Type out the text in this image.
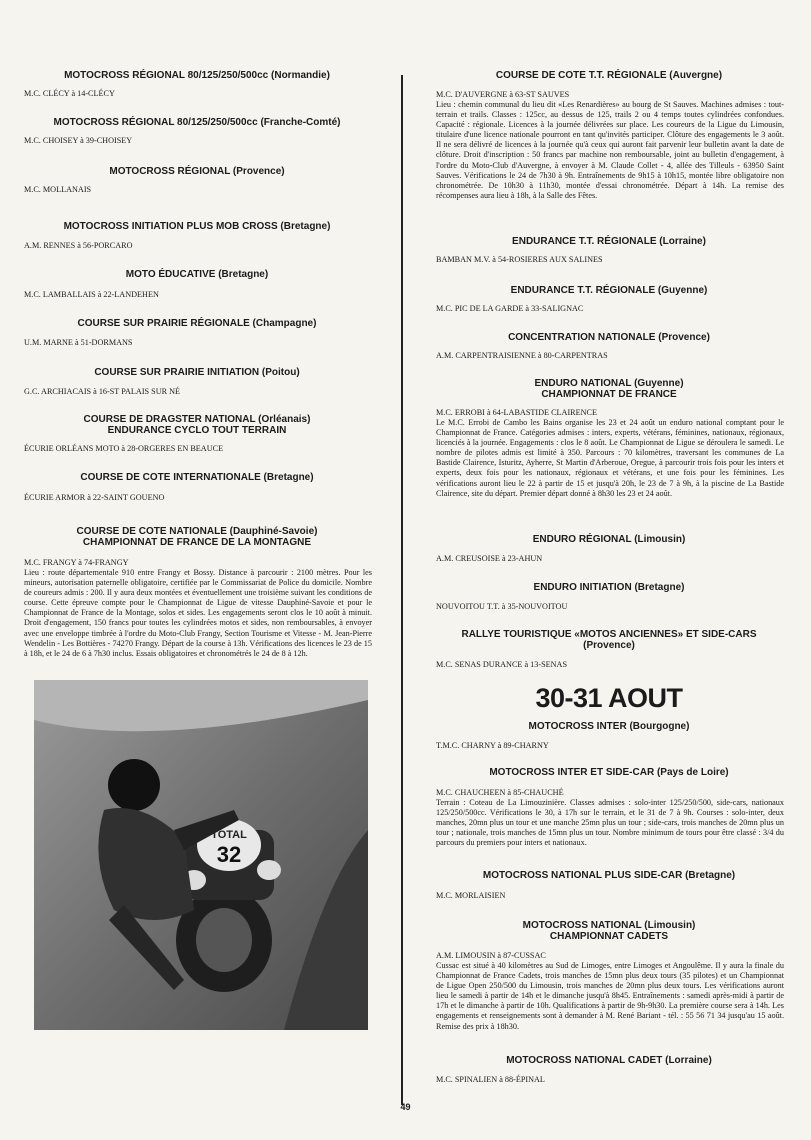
MOTOCROSS RÉGIONAL 80/125/250/500cc (Normandie)
M.C. CLÉCY à 14-CLÉCY
MOTOCROSS RÉGIONAL 80/125/250/500cc (Franche-Comté)
M.C. CHOISEY à 39-CHOISEY
MOTOCROSS RÉGIONAL (Provence)
M.C. MOLLANAIS
MOTOCROSS INITIATION PLUS MOB CROSS (Bretagne)
A.M. RENNES à 56-PORCARO
MOTO ÉDUCATIVE (Bretagne)
M.C. LAMBALLAIS à 22-LANDEHEN
COURSE SUR PRAIRIE RÉGIONALE (Champagne)
U.M. MARNE à 51-DORMANS
COURSE SUR PRAIRIE INITIATION (Poitou)
G.C. ARCHIACAIS à 16-ST PALAIS SUR NÉ
COURSE DE DRAGSTER NATIONAL (Orléanais)
ENDURANCE CYCLO TOUT TERRAIN
ÉCURIE ORLÉANS MOTO à 28-ORGERES EN BEAUCE
COURSE DE COTE INTERNATIONALE (Bretagne)
ÉCURIE ARMOR à 22-SAINT GOUENO
COURSE DE COTE NATIONALE (Dauphiné-Savoie)
CHAMPIONNAT DE FRANCE DE LA MONTAGNE
M.C. FRANGY à 74-FRANGY

Lieu : route départementale 910 entre Frangy et Bossy. Distance à parcourir : 2100 mètres. Pour les mineurs, autorisation paternelle obligatoire, certifiée par le Commissariat de Police du domicile. Nombre de coureurs admis : 200. Il y aura deux montées et éventuellement une troisième suivant les conditions de course. Cette épreuve compte pour le Championnat de Ligue de vitesse Dauphiné-Savoie et pour le Championnat de France de la Montage, solos et sides. Les engagements seront clos le 10 août à minuit. Droit d'engagement, 150 francs pour toutes les cylindrées motos et sides, non remboursables, à envoyer avec une enveloppe timbrée à l'ordre du Moto-Club Frangy, Section Tourisme et Vitesse - M. Jean-Pierre Wendelin - Les Bottières - 74270 Frangy. Départ de la course à 13h. Vérifications des licences le 23 de 15 à 18h, et le 24 de 6 à 7h30 inclus. Essais obligatoires et chronométrés le 24 de 8 à 12h.

TOTAL
32
COURSE DE COTE T.T. RÉGIONALE (Auvergne)
M.C. D'AUVERGNE à 63-ST SAUVES

Lieu : chemin communal du lieu dit «Les Renardières» au bourg de St Sauves. Machines admises : tout-terrain et trails. Classes : 125cc, au dessus de 125, trails 2 ou 4 temps toutes cylindrées confondues. Capacité : régionale. Licences à la journée délivrées sur place. Les coureurs de la Ligue du Limousin, titulaire d'une licence nationale pourront en tant qu'invités participer. Clôture des engagements le 3 août. Il ne sera délivré de licences à la journée qu'à ceux qui auront fait parvenir leur bulletin avant la date de clôture. Droit d'inscription : 50 francs par machine non remboursable, joint au bulletin d'engagement, à l'ordre du Moto-Club d'Auvergne, à envoyer à M. Claude Collet - 4, allée des Tilleuls - 63950 Saint Sauves. Vérifications le 24 de 7h30 à 9h. Entraînements de 9h15 à 10h15, montée libre obligatoire non chronométrée. De 10h30 à 11h30, montée d'essai chronométrée. Départ à 14h. La remise des récompenses aura lieu à 18h, à la Salle des Fêtes.

ENDURANCE T.T. RÉGIONALE (Lorraine)
BAMBAN M.V. à 54-ROSIERES AUX SALINES
ENDURANCE T.T. RÉGIONALE (Guyenne)
M.C. PIC DE LA GARDE à 33-SALIGNAC
CONCENTRATION NATIONALE (Provence)
A.M. CARPENTRAISIENNE à 80-CARPENTRAS
ENDURO NATIONAL (Guyenne)
CHAMPIONNAT DE FRANCE
M.C. ERROBI à 64-LABASTIDE CLAIRENCE

Le M.C. Errobi de Cambo les Bains organise les 23 et 24 août un enduro national comptant pour le Championnat de France. Catégories admises : inters, experts, vétérans, féminines, nationaux, régionaux, licenciés à la journée. Engagements : clos le 8 août. Le Championnat de Ligue se déroulera le samedi. Le nombre de pilotes admis est limité à 350. Parcours : 70 kilomètres, traversant les communes de La Bastide Clairence, Isturitz, Ayherre, St Martin d'Arberoue, Oregue, à parcourir trois fois pour les inters et experts, deux fois pour les nationaux, régionaux et vétérans, et une fois pour les féminines. Les vérifications auront lieu le 22 à partir de 15 et jusqu'à 20h, le 23 de 7 à 9h, à la piscine de La Bastide Clairence, site du départ. Premier départ donné à 8h30 les 23 et 24 août.

ENDURO RÉGIONAL (Limousin)
A.M. CREUSOISE à 23-AHUN
ENDURO INITIATION (Bretagne)
NOUVOITOU T.T. à 35-NOUVOITOU
RALLYE TOURISTIQUE «MOTOS ANCIENNES» ET SIDE-CARS
(Provence)
M.C. SENAS DURANCE à 13-SENAS
MOTOCROSS INTER (Bourgogne)
T.M.C. CHARNY à 89-CHARNY
MOTOCROSS INTER ET SIDE-CAR (Pays de Loire)
M.C. CHAUCHEEN à 85-CHAUCHÉ

Terrain : Coteau de La Limouzinière. Classes admises : solo-inter 125/250/500, side-cars, nationaux 125/250/500cc. Vérifications le 30, à 17h sur le terrain, et le 31 de 7 à 9h. Courses : solo-inter, deux manches, 20mn plus un tour et une manche 25mn plus un tour ; side-cars, trois manches de 20mn plus un tour ; nationale, trois manches de 15mn plus un tour. Nombre minimum de tours pour être classé : 3/4 du parcours du premiers pour inters et nationaux.

MOTOCROSS NATIONAL PLUS SIDE-CAR (Bretagne)
M.C. MORLAISIEN
MOTOCROSS NATIONAL (Limousin)
CHAMPIONNAT CADETS
A.M. LIMOUSIN à 87-CUSSAC

Cussac est situé à 40 kilomètres au Sud de Limoges, entre Limoges et Angoulême. Il y aura la finale du Championnat de France Cadets, trois manches de 15mn plus deux tours (35 pilotes) et un Championnat de Ligue Open 250/500 du Limousin, trois manches de 20mn plus deux tours. Les vérifications auront lieu le samedi à partir de 14h et le dimanche jusqu'à 8h45. Entraînements : samedi après-midi à partir de 17h et le dimanche à partir de 10h. Qualifications à partir de 9h-9h30. La première course sera à 14h. Les engagements et renseignements sont à demander à M. René Bariant - tél. : 55 56 71 34 jusqu'au 15 août. Remise des prix à 18h30.

MOTOCROSS NATIONAL CADET (Lorraine)
M.C. SPINALIEN à 88-ÉPINAL
30-31 AOUT
49
